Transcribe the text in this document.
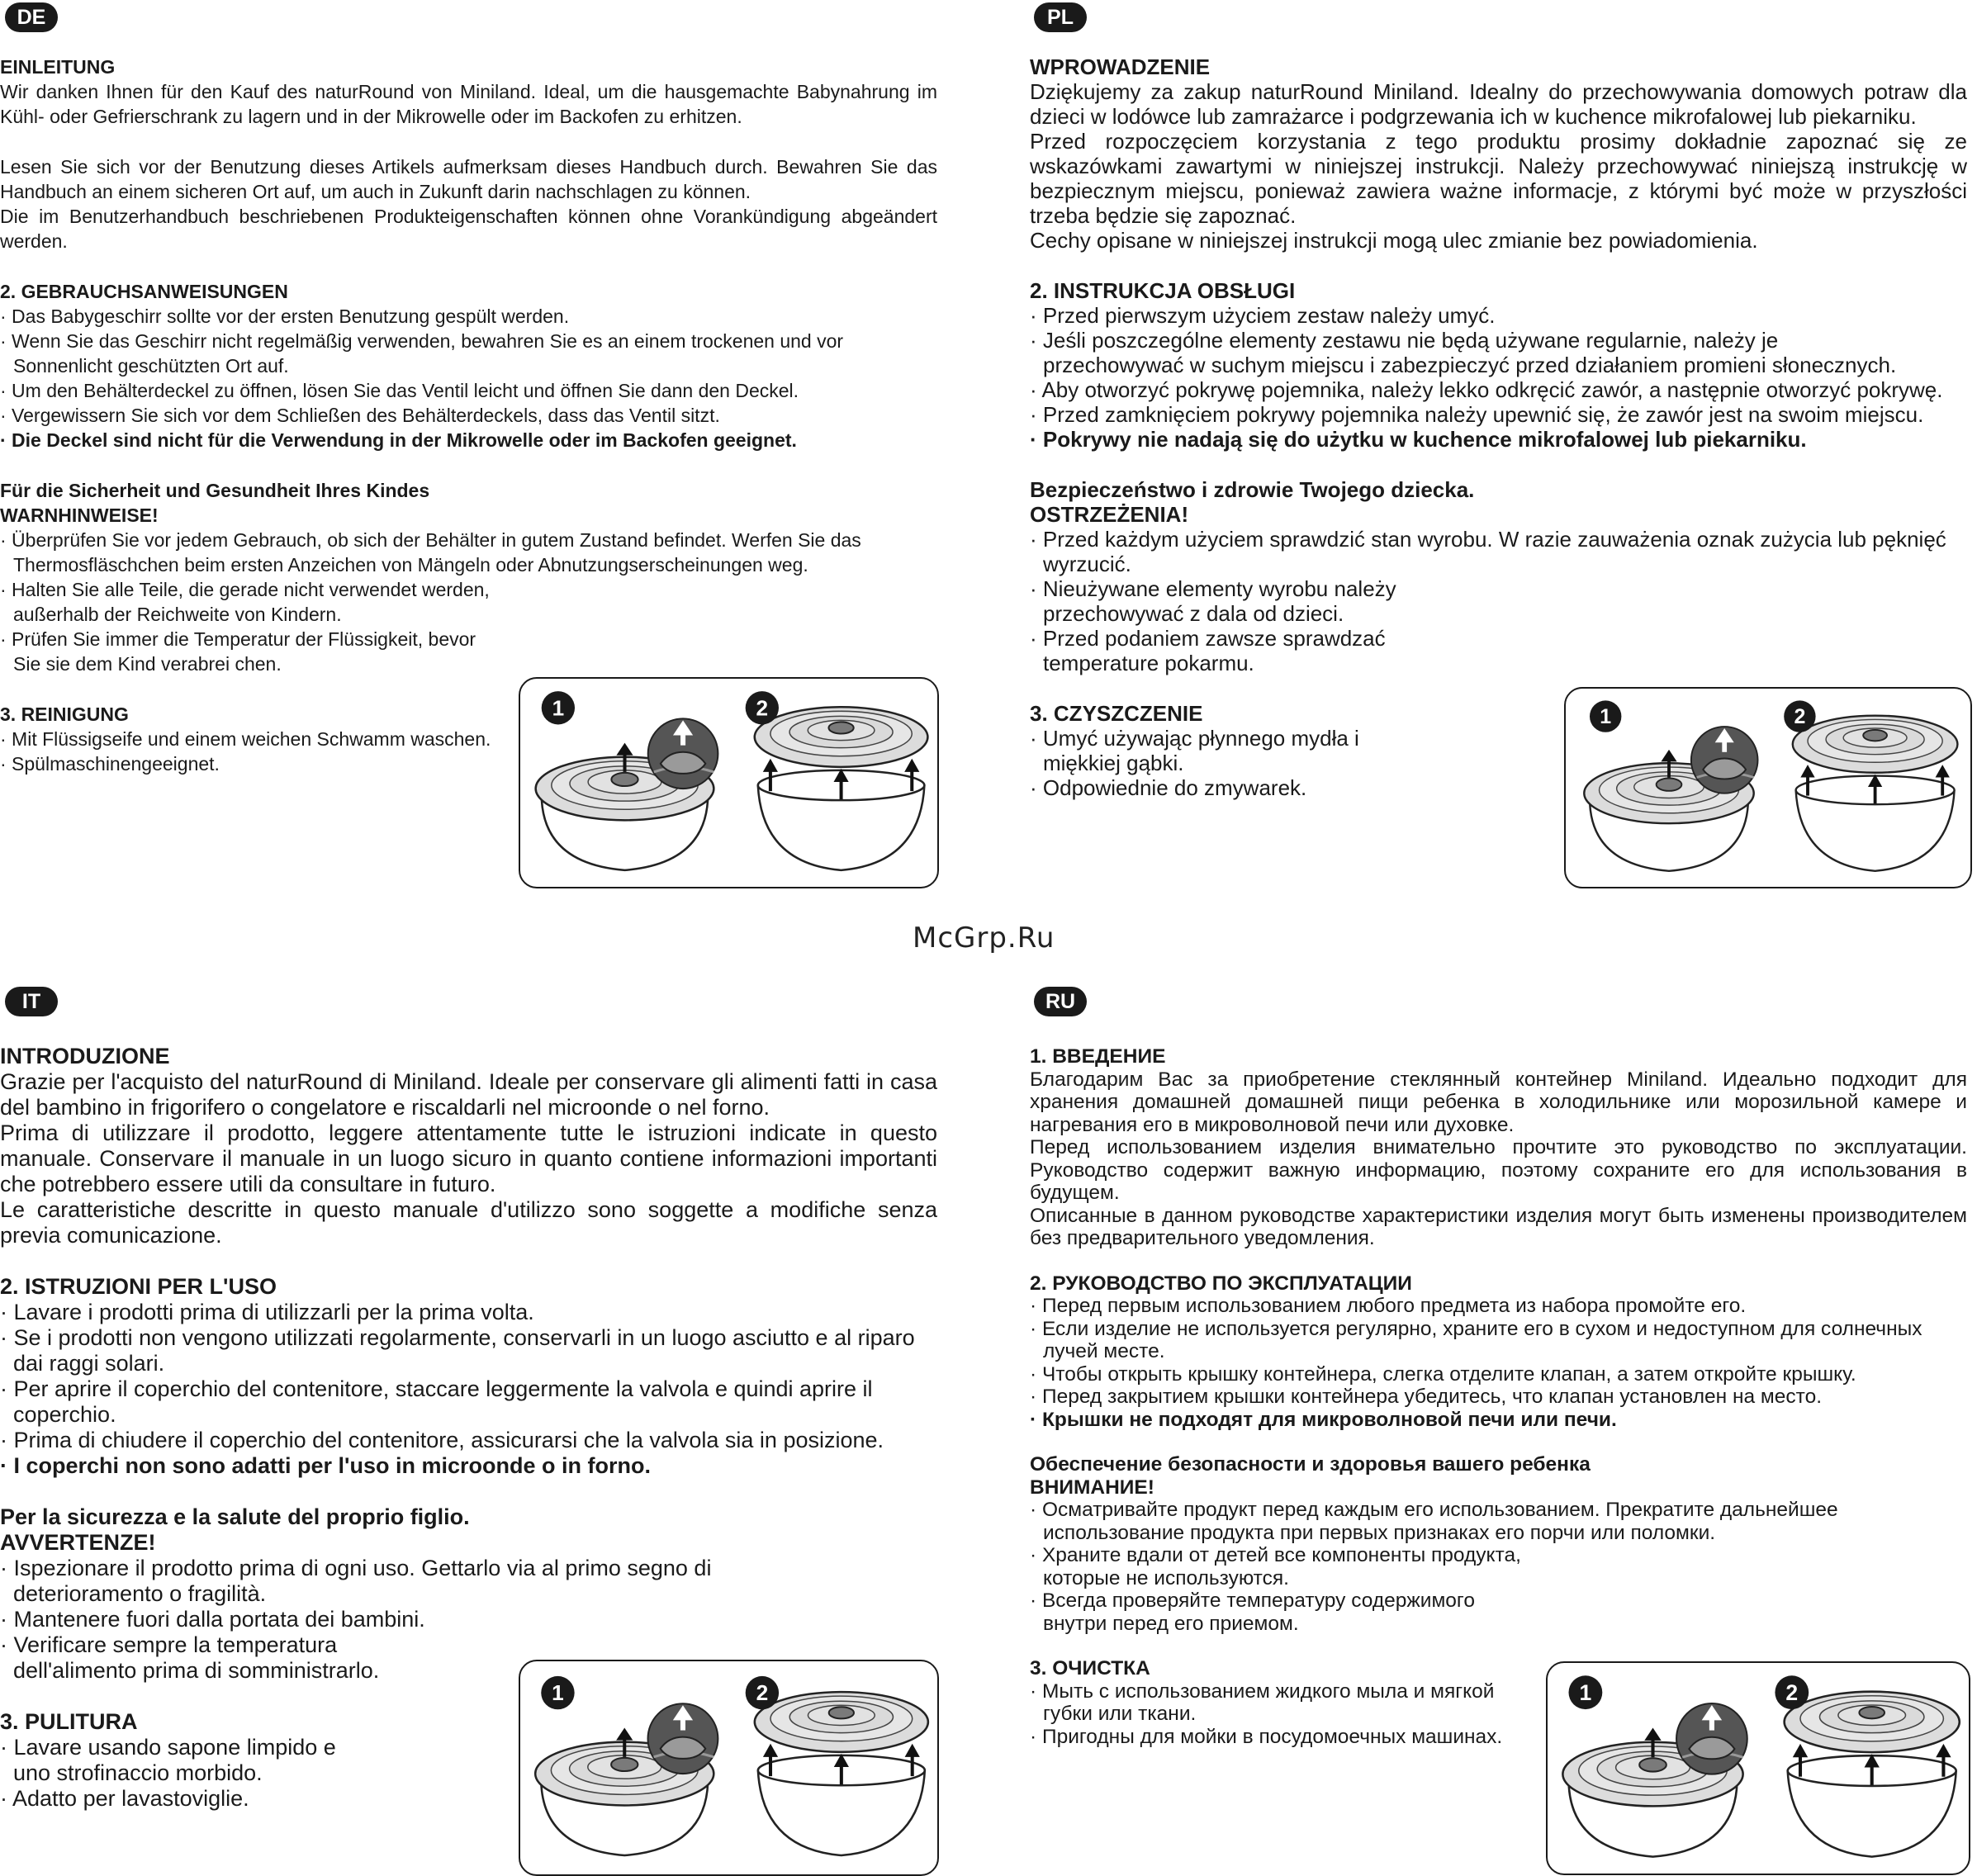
DE
EINLEITUNG
Wir danken Ihnen für den Kauf des naturRound von Miniland. Ideal, um die hausgemachte Babynahrung im Kühl- oder Gefrierschrank zu lagern und in der Mikrowelle oder im Backofen zu erhitzen.
Lesen Sie sich vor der Benutzung dieses Artikels aufmerksam dieses Handbuch durch. Bewahren Sie das Handbuch an einem sicheren Ort auf, um auch in Zukunft darin nachschlagen zu können.
Die im Benutzerhandbuch beschriebenen Produkteigenschaften können ohne Vorankündigung abgeändert werden.
2. GEBRAUCHSANWEISUNGEN
· Das Babygeschirr sollte vor der ersten Benutzung gespült werden.
· Wenn Sie das Geschirr nicht regelmäßig verwenden, bewahren Sie es an einem trockenen und vor Sonnenlicht geschützten Ort auf.
· Um den Behälterdeckel zu öffnen, lösen Sie das Ventil leicht und öffnen Sie dann den Deckel.
· Vergewissern Sie sich vor dem Schließen des Behälterdeckels, dass das Ventil sitzt.
· Die Deckel sind nicht für die Verwendung in der Mikrowelle oder im Backofen geeignet.
Für die Sicherheit und Gesundheit Ihres Kindes
WARNHINWEISE!
· Überprüfen Sie vor jedem Gebrauch, ob sich der Behälter in gutem Zustand befindet. Werfen Sie das Thermosfläschchen beim ersten Anzeichen von Mängeln oder Abnutzungserscheinungen weg.
· Halten Sie alle Teile, die gerade nicht verwendet werden, außerhalb der Reichweite von Kindern.
· Prüfen Sie immer die Temperatur der Flüssigkeit, bevor Sie sie dem Kind verabrei chen.
3. REINIGUNG
· Mit Flüssigseife und einem weichen Schwamm waschen.
· Spülmaschinengeeignet.
1	2
PL
WPROWADZENIE
Dziękujemy za zakup naturRound Miniland. Idealny do przechowywania domowych potraw dla dzieci w lodówce lub zamrażarce i podgrzewania ich w kuchence mikrofalowej lub piekarniku.
Przed rozpoczęciem korzystania z tego produktu prosimy dokładnie zapoznać się ze wskazówkami zawartymi w niniejszej instrukcji. Należy przechowywać niniejszą instrukcję w bezpiecznym miejscu, ponieważ zawiera ważne informacje, z którymi być może w przyszłości trzeba będzie się zapoznać.
Cechy opisane w niniejszej instrukcji mogą ulec zmianie bez powiadomienia.
2. INSTRUKCJA OBSŁUGI
· Przed pierwszym użyciem zestaw należy umyć.
· Jeśli poszczególne elementy zestawu nie będą używane regularnie, należy je przechowywać w suchym miejscu i zabezpieczyć przed działaniem promieni słonecznych.
· Aby otworzyć pokrywę pojemnika, należy lekko odkręcić zawór, a następnie otworzyć pokrywę.
· Przed zamknięciem pokrywy pojemnika należy upewnić się, że zawór jest na swoim miejscu.
· Pokrywy nie nadają się do użytku w kuchence mikrofalowej lub piekarniku.
Bezpieczeństwo i zdrowie Twojego dziecka.
OSTRZEŻENIA!
· Przed każdym użyciem sprawdzić stan wyrobu. W razie zauważenia oznak zużycia lub pęknięć wyrzucić.
· Nieużywane elementy wyrobu należy przechowywać z dala od dzieci.
· Przed podaniem zawsze sprawdzać temperature pokarmu.
3. CZYSZCZENIE
· Umyć używając płynnego mydła i miękkiej gąbki.
· Odpowiednie do zmywarek.
1	2
McGrp.Ru
IT
INTRODUZIONE
Grazie per l'acquisto del naturRound di Miniland. Ideale per conservare gli alimenti fatti in casa del bambino in frigorifero o congelatore e riscaldarli nel microonde o nel forno.
Prima di utilizzare il prodotto, leggere attentamente tutte le istruzioni indicate in questo manuale. Conservare il manuale in un luogo sicuro in quanto contiene informazioni importanti che potrebbero essere utili da consultare in futuro.
Le caratteristiche descritte in questo manuale d'utilizzo sono soggette a modifiche senza previa comunicazione.
2. ISTRUZIONI PER L'USO
· Lavare i prodotti prima di utilizzarli per la prima volta.
· Se i prodotti non vengono utilizzati regolarmente, conservarli in un luogo asciutto e al riparo dai raggi solari.
· Per aprire il coperchio del contenitore, staccare leggermente la valvola e quindi aprire il coperchio.
· Prima di chiudere il coperchio del contenitore, assicurarsi che la valvola sia in posizione.
· I coperchi non sono adatti per l'uso in microonde o in forno.
Per la sicurezza e la salute del proprio figlio.
AVVERTENZE!
· Ispezionare il prodotto prima di ogni uso. Gettarlo via al primo segno di deterioramento o fragilità.
· Mantenere fuori dalla portata dei bambini.
· Verificare sempre la temperatura dell'alimento prima di somministrarlo.
3. PULITURA
· Lavare usando sapone limpido e uno strofinaccio morbido.
· Adatto per lavastoviglie.
1	2
RU
1. ВВЕДЕНИЕ
Благодарим Вас за приобретение стеклянный контейнер Miniland. Идеально подходит для хранения домашней домашней пищи ребенка в холодильнике или морозильной камере и нагревания его в микроволновой печи или духовке.
Перед использованием изделия внимательно прочтите это руководство по эксплуатации. Руководство содержит важную информацию, поэтому сохраните его для использования в будущем.
Описанные в данном руководстве характеристики изделия могут быть изменены производителем без предварительного уведомления.
2. РУКОВОДСТВО ПО ЭКСПЛУАТАЦИИ
· Перед первым использованием любого предмета из набора промойте его.
· Если изделие не используется регулярно, храните его в сухом и недоступном для солнечных лучей месте.
· Чтобы открыть крышку контейнера, слегка отделите клапан, а затем откройте крышку.
· Перед закрытием крышки контейнера убедитесь, что клапан установлен на место.
· Крышки не подходят для микроволновой печи или печи.
Обеспечение безопасности и здоровья вашего ребенка
ВНИМАНИЕ!
· Осматривайте продукт перед каждым его использованием. Прекратите дальнейшее использование продукта при первых признаках его порчи или поломки.
· Храните вдали от детей все компоненты продукта, которые не используются.
· Всегда проверяйте температуру содержимого внутри перед его приемом.
3. ОЧИСТКА
· Мыть с использованием жидкого мыла и мягкой губки или ткани.
· Пригодны для мойки в посудомоечных машинах.
1	2
